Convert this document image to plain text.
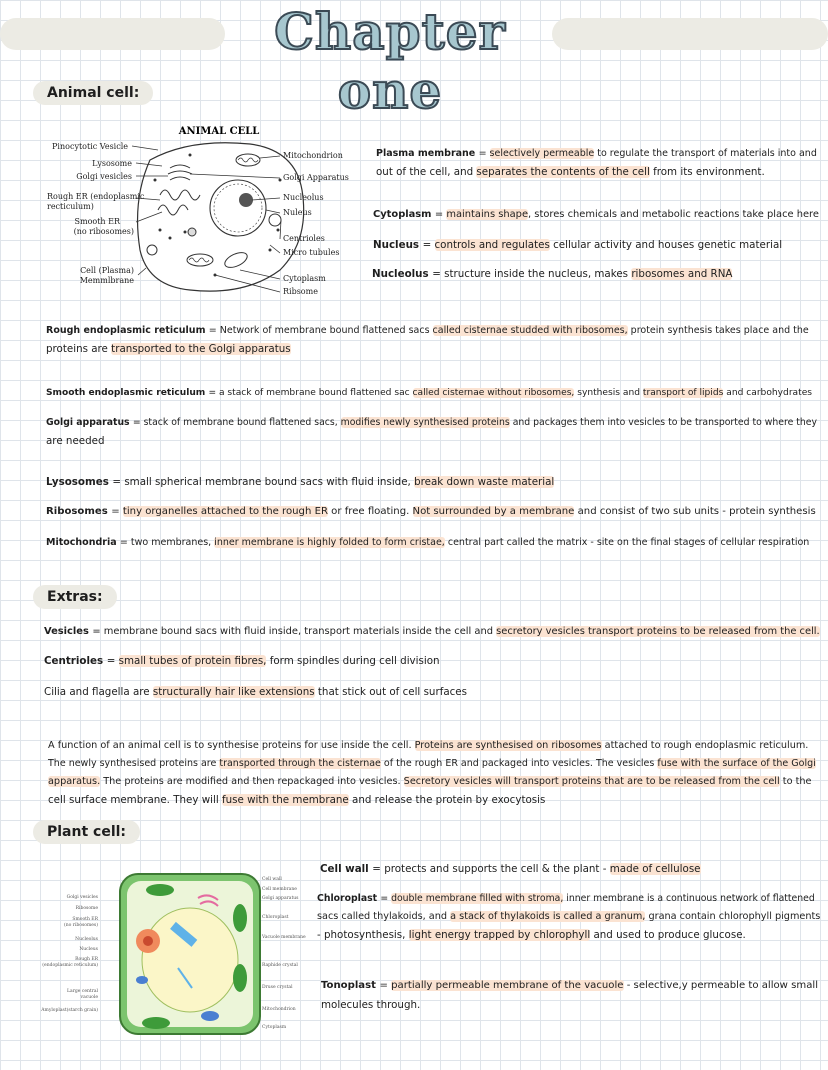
Chapter one
Animal cell:
ANIMAL CELL
Pinocytotic Vesicle
Lysosome
Golgi vesicles
Rough ER (endoplasmic
recticulum)
Smooth ER
(no ribosomes)
Cell (Plasma)
Memmlbrane
Mitochondrion
Golgi Apparatus
Nucleolus
Nuleus
Centrioles
Micro tubules
Cytoplasm
Ribsome
Plasma membrane = selectively permeable to regulate the transport of materials into and
out of the cell, and separates the contents of the cell from its environment.
Cytoplasm = maintains shape, stores chemicals and metabolic reactions take place here
Nucleus = controls and regulates cellular activity and houses genetic material
Nucleolus = structure inside the nucleus, makes ribosomes and RNA
Rough endoplasmic reticulum = Network of membrane bound flattened sacs called cisternae studded with ribosomes, protein synthesis takes place and the
proteins are transported to the Golgi apparatus
Smooth endoplasmic reticulum = a stack of membrane bound flattened sac called cisternae without ribosomes, synthesis and transport of lipids and carbohydrates
Golgi apparatus = stack of membrane bound flattened sacs, modifies newly synthesised proteins and packages them into vesicles to be transported to where they
are needed
Lysosomes = small spherical membrane bound sacs with fluid inside, break down waste material
Ribosomes = tiny organelles attached to the rough ER or free floating. Not surrounded by a membrane and consist of two sub units - protein synthesis
Mitochondria = two membranes, inner membrane is highly folded to form cristae, central part called the matrix - site on the final stages of cellular respiration
Extras:
Vesicles = membrane bound sacs with fluid inside, transport materials inside the cell and secretory vesicles transport proteins to be released from the cell.
Centrioles = small tubes of protein fibres, form spindles during cell division
Cilia and flagella are structurally hair like extensions that stick out of cell surfaces
A function of an animal cell is to synthesise proteins for use inside the cell. Proteins are synthesised on ribosomes attached to rough endoplasmic reticulum.
The newly synthesised proteins are transported through the cisternae of the rough ER and packaged into vesicles. The vesicles fuse with the surface of the Golgi
apparatus. The proteins are modified and then repackaged into vesicles. Secretory vesicles will transport proteins that are to be released from the cell to the
cell surface membrane. They will fuse with the membrane and release the protein by exocytosis
Plant cell:
Golgi vesicles
Ribosome
Smooth ER
(no ribosomes)
Nucleolus
Nucleus
Rough ER
(endoplasmic reticulum)
Large central
vacuole
Amyloplast(starch grain)
Cell wall
Cell membrane
Golgi apparatus
Chloroplast
Vacuole membrane
Raphide crystal
Druse crystal
Mitochondrion
Cytoplasm
Cell wall = protects and supports the cell & the plant - made of cellulose
Chloroplast = double membrane filled with stroma, inner membrane is a continuous network of flattened
sacs called thylakoids, and a stack of thylakoids is called a granum, grana contain chlorophyll pigments
- photosynthesis, light energy trapped by chlorophyll and used to produce glucose.
Tonoplast = partially permeable membrane of the vacuole - selective,y permeable to allow small
molecules through.
